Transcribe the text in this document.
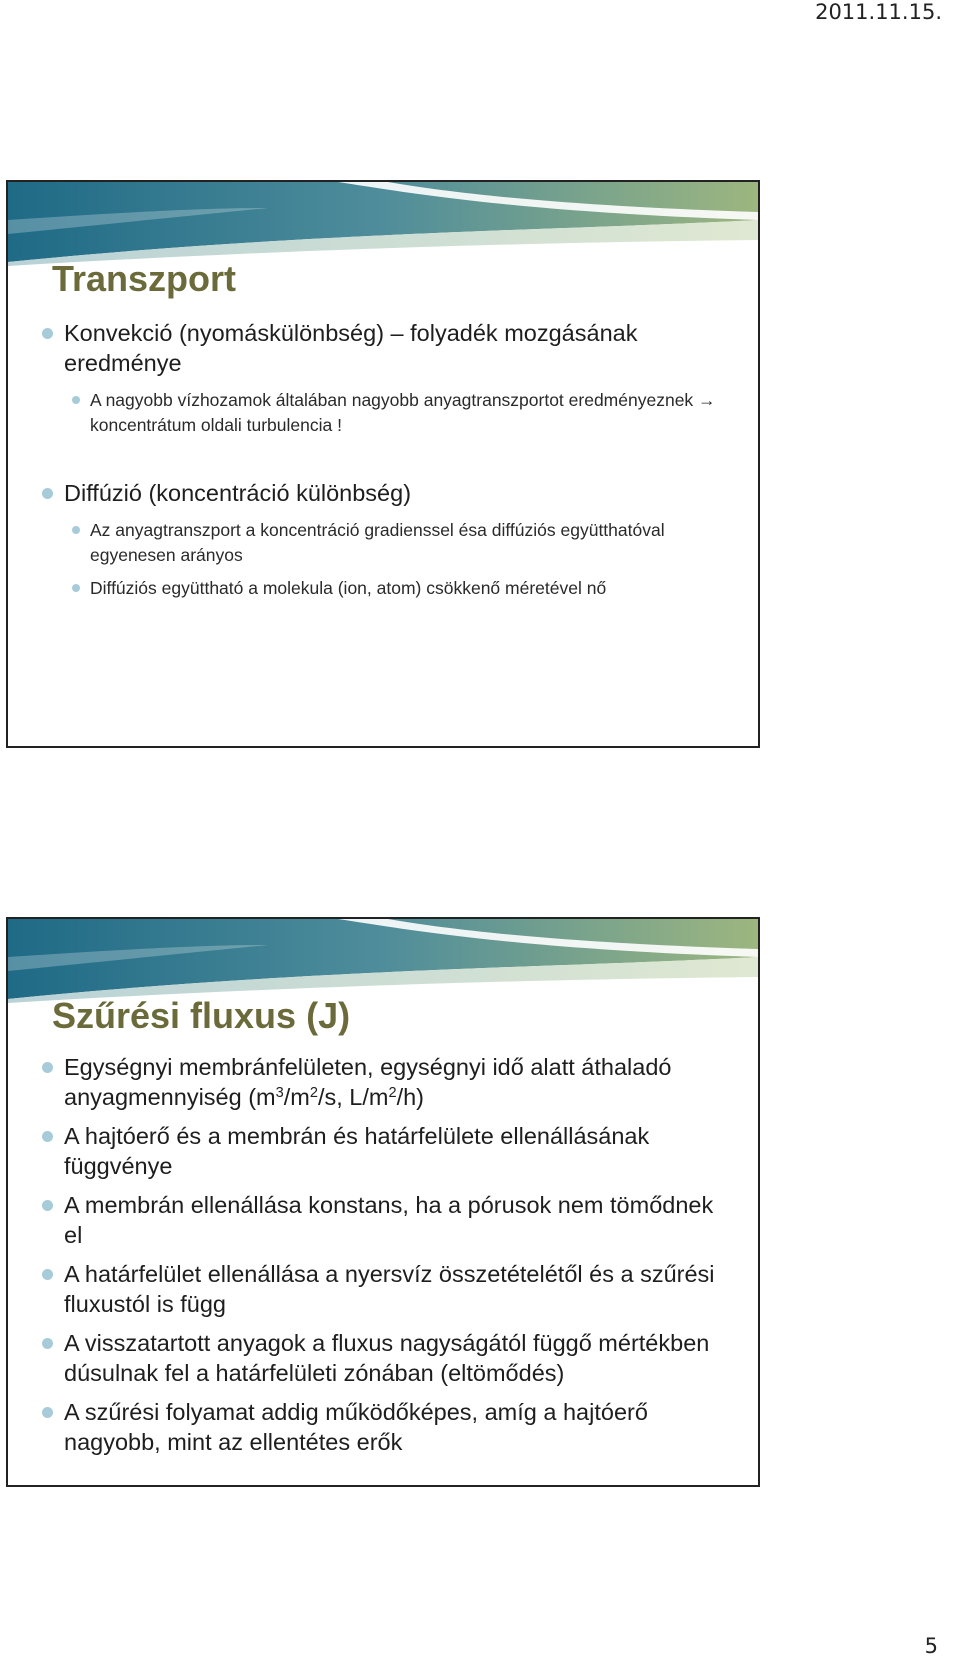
2011.11.15.
Transzport
Konvekció (nyomáskülönbség) – folyadék mozgásának eredménye
A nagyobb vízhozamok általában nagyobb anyagtranszportot eredményeznek → koncentrátum oldali turbulencia !
Diffúzió (koncentráció különbség)
Az anyagtranszport a koncentráció gradienssel ésa diffúziós együtthatóval egyenesen arányos
Diffúziós együttható a molekula (ion, atom) csökkenő méretével nő
Szűrési fluxus (J)
Egységnyi membránfelületen, egységnyi idő alatt áthaladó anyagmennyiség ($m^3/m^2/s$, $L/m^2/h$)
A hajtóerő és a membrán és határfelülete ellenállásának függvénye
A membrán ellenállása konstans, ha a pórusok nem tömődnek el
A határfelület ellenállása a nyersvíz összetételétől és a szűrési fluxustól is függ
A visszatartott anyagok a fluxus nagyságától függő mértékben dúsulnak fel a határfelületi zónában (eltömődés)
A szűrési folyamat addig működőképes, amíg a hajtóerő nagyobb, mint az ellentétes erők
5
